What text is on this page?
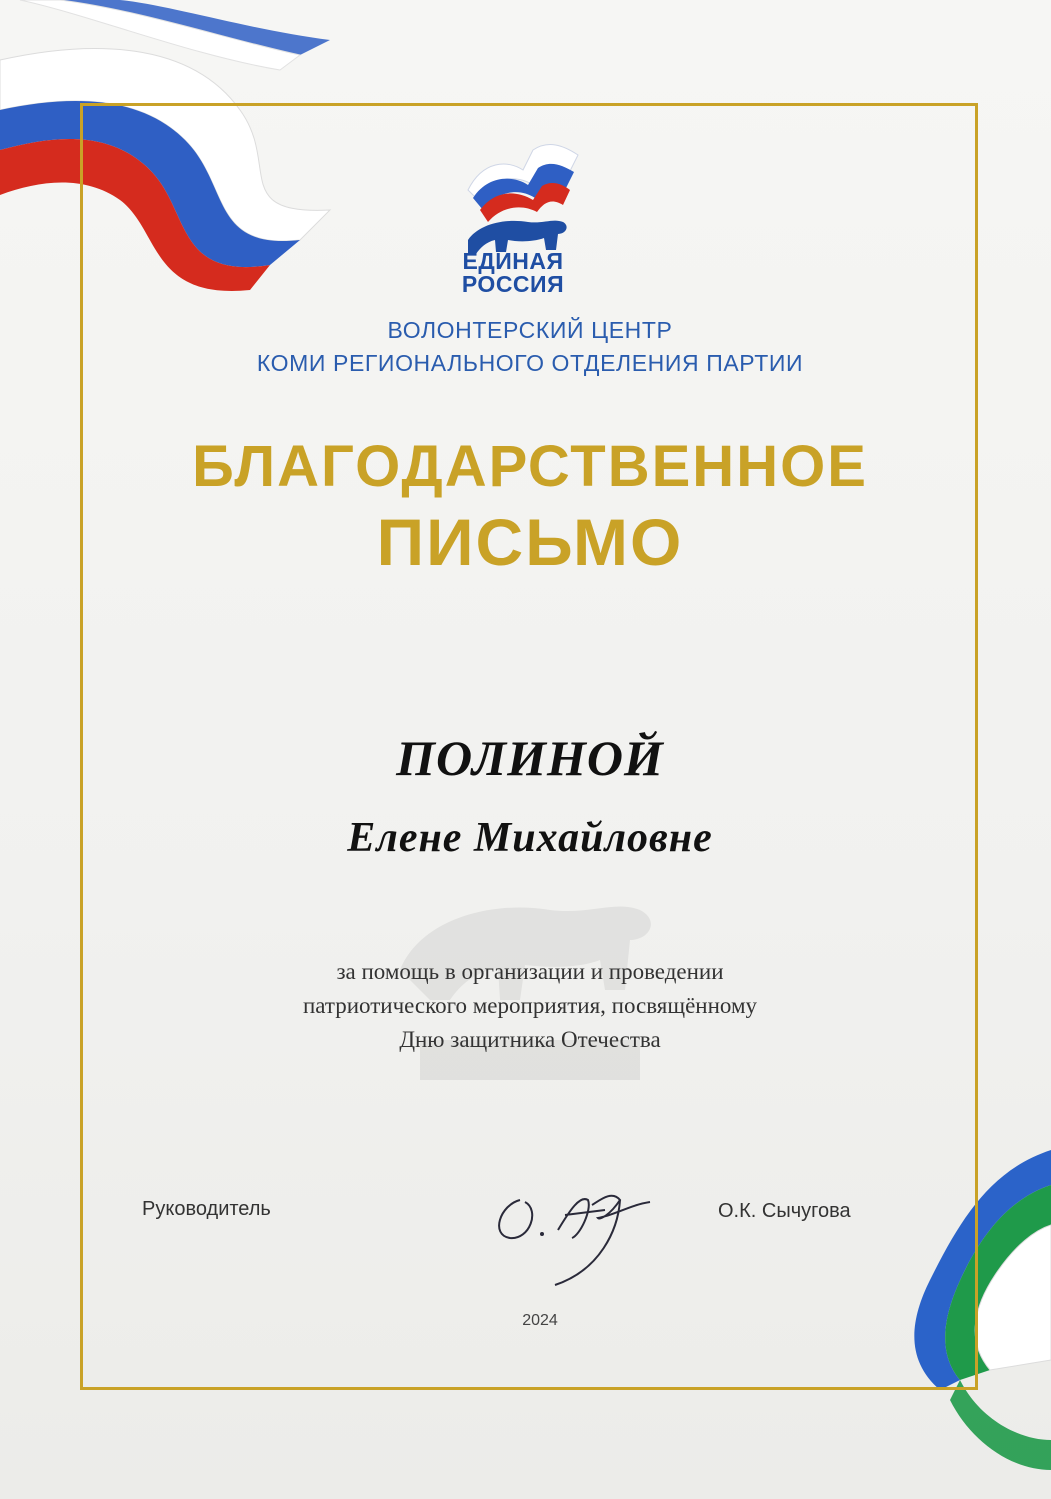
ЕДИНАЯ
РОССИЯ
ВОЛОНТЕРСКИЙ ЦЕНТР
КОМИ РЕГИОНАЛЬНОГО ОТДЕЛЕНИЯ ПАРТИИ
БЛАГОДАРСТВЕННОЕ
ПИСЬМО
ПОЛИНОЙ
Елене Михайловне
за помощь в организации и проведении
патриотического мероприятия, посвящённому
Дню защитника Отечества
Руководитель	О.К. Сычугова
2024
